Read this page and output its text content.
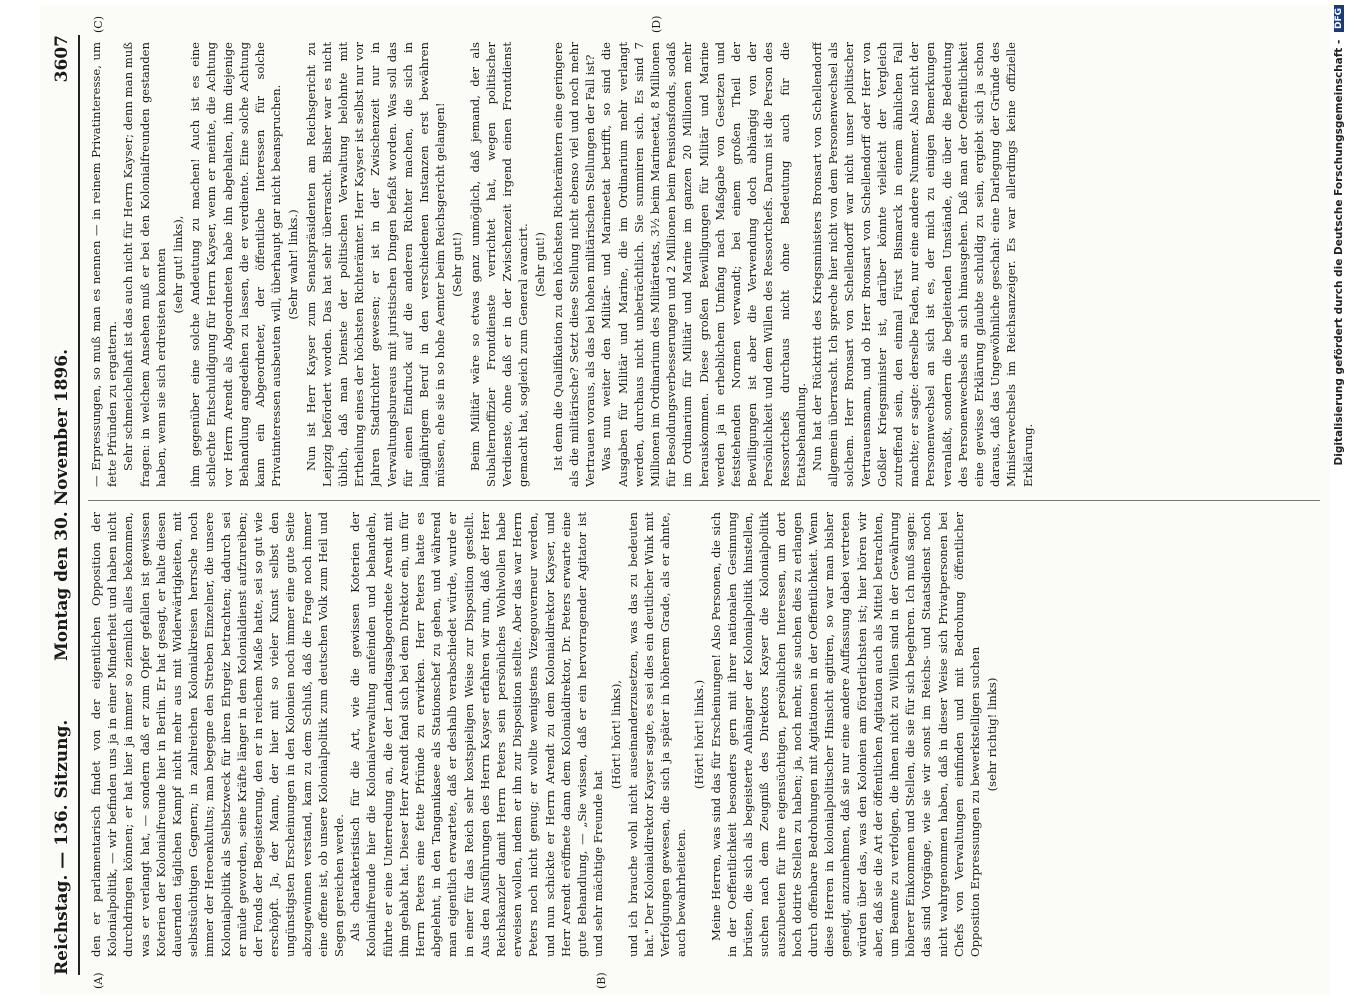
Reichstag. — 136. Sitzung.
Montag den 30. November 1896.
3607
(A)	(B)
(C)	(D)

den er parlamentarisch findet von der eigentlichen Opposition der Kolonialpolitik, — wir befinden uns ja in einer Minderheit und haben nicht durchdringen können; er hat hier ja immer so ziemlich alles bekommen, was er verlangt hat, — sondern daß er zum Opfer gefallen ist gewissen Koterien der Kolonialfreunde hier in Berlin. Er hat gesagt, er halte diesen dauernden täglichen Kampf nicht mehr aus mit Widerwärtigkeiten, mit selbstsüchtigen Gegnern; in zahlreichen Kolonialkreisen herrsche noch immer der Heroenkultus; man begegne den Streben Einzelner, die unsere Kolonialpolitik als Selbstzweck für ihren Ehrgeiz betrachten; dadurch sei er müde geworden, seine Kräfte länger in dem Kolonialdienst aufzureiben; der Fonds der Begeisterung, den er in reichem Maße hatte, sei so gut wie erschöpft. Ja, der Mann, der hier mit so vieler Kunst selbst den ungünstigsten Erscheinungen in den Kolonien noch immer eine gute Seite abzugewinnen verstand, kam zu dem Schluß, daß die Frage noch immer eine offene ist, ob unsere Kolonialpolitik zum deutschen Volk zum Heil und Segen gereichen werde. Als charakteristisch für die Art, wie die gewissen Koterien der Kolonialfreunde hier die Kolonialverwaltung anfeinden und behandeln, führte er eine Unterredung an, die der Landtagsabgeordnete Arendt mit ihm gehabt hat. Dieser Herr Arendt fand sich bei dem Direktor ein, um für Herrn Peters eine fette Pfründe zu erwirken. Herr Peters hatte es abgelehnt, in den Tanganikasee als Stationschef zu gehen, und während man eigentlich erwartete, daß er deshalb verabschiedet würde, wurde er in einer für das Reich sehr kostspieligen Weise zur Disposition gestellt. Aus den Ausführungen des Herrn Kayser erfahren wir nun, daß der Herr Reichskanzler damit Herrn Peters sein persönliches Wohlwollen habe erweisen wollen, indem er ihn zur Disposition stellte. Aber das war Herrn Peters noch nicht genug; er wollte wenigstens Vizegouverneur werden, und nun schickte er Herrn Arendt zu dem Kolonialdirektor Kayser, und Herr Arendt eröffnete dann dem Kolonialdirektor, Dr. Peters erwarte eine gute Behandlung, — „Sie wissen, daß er ein hervorragender Agitator ist und sehr mächtige Freunde hat

(Hört! hört! links), und ich brauche wohl nicht auseinanderzusetzen, was das zu bedeuten hat." Der Kolonialdirektor Kayser sagte, es sei dies ein deutlicher Wink mit Verfolgungen gewesen, die sich ja später in höherem Grade, als er ahnte, auch bewahrheiteten.

(Hört! hört! links.) Meine Herren, was sind das für Erscheinungen! Also Personen, die sich in der Oeffentlichkeit besonders gern mit ihrer nationalen Gesinnung brüsten, die sich als begeisterte Anhänger der Kolonialpolitik hinstellen, suchen nach dem Zeugniß des Direktors Kayser die Kolonialpolitik auszubeuten für ihre eigensüchtigen, persönlichen Interessen, um dort hoch dotirte Stellen zu haben; ja, noch mehr, sie suchen dies zu erlangen durch offenbare Bedrohungen mit Agitationen in der Oeffentlichkeit. Wenn diese Herren in kolonialpolitischer Hinsicht agitiren, so war man bisher geneigt, anzunehmen, daß sie nur eine andere Auffassung dabei vertreten würden über das, was den Kolonien am förderlichsten ist; hier hören wir aber, daß sie die Art der öffentlichen Agitation auch als Mittel betrachten, um Beamte zu verfolgen, die ihnen nicht zu Willen sind in der Gewährung höherer Einkommen und Stellen, die sie für sich begehren. Ich muß sagen: das sind Vorgänge, wie sie wir sonst im Reichs- und Staatsdienst noch nicht wahrgenommen haben, daß in dieser Weise sich Privatpersonen bei Chefs von Verwaltungen einfinden und mit Bedrohung öffentlicher Opposition Erpressungen zu bewerkstelligen suchen (sehr richtig! links)

— Erpressungen, so muß man es nennen — in reinem Privatinteresse, um fette Pfründen zu ergattern. Sehr schmeichelhaft ist das auch nicht für Herrn Kayser; denn man muß fragen: in welchem Ansehen muß er bei den Kolonialfreunden gestanden haben, wenn sie sich erdreisten konnten (sehr gut! links), ihm gegenüber eine solche Andeutung zu machen! Auch ist es eine schlechte Entschuldigung für Herrn Kayser, wenn er meinte, die Achtung vor Herrn Arendt als Abgeordneten habe ihn abgehalten, ihm diejenige Behandlung angedeihen zu lassen, die er verdiente. Eine solche Achtung kann ein Abgeordneter, der öffentliche Interessen für solche Privatinteressen ausbeuten will, überhaupt gar nicht beanspruchen. (Sehr wahr! links.) Nun ist Herr Kayser zum Senatspräsidenten am Reichsgericht zu Leipzig befördert worden. Das hat sehr überrascht. Bisher war es nicht üblich, daß man Dienste der politischen Verwaltung belohnte mit Ertheilung eines der höchsten Richterämter. Herr Kayser ist selbst nur vor Jahren Stadtrichter gewesen; er ist in der Zwischenzeit nur in Verwaltungsbureaus mit juristischen Dingen befaßt worden. Was soll das für einen Eindruck auf die anderen Richter machen, die sich in langjährigem Beruf in den verschiedenen Instanzen erst bewähren müssen, ehe sie in so hohe Aemter beim Reichsgericht gelangen! (Sehr gut!) Beim Militär wäre so etwas ganz unmöglich, daß jemand, der als Subalternoffizier Frontdienste verrichtet hat, wegen politischer Verdienste, ohne daß er in der Zwischenzeit irgend einen Frontdienst gemacht hat, sogleich zum General avancirt. (Sehr gut!) Ist denn die Qualifikation zu den höchsten Richterämtern eine geringere als die militärische? Setzt diese Stellung nicht ebenso viel und noch mehr Vertrauen voraus, als das bei hohen militärischen Stellungen der Fall ist? Was nun weiter den Militär- und Marineetat betrifft, so sind die Ausgaben für Militär und Marine, die im Ordinarium mehr verlangt werden, durchaus nicht unbeträchtlich. Sie summiren sich. Es sind 7 Millionen im Ordinarium des Militäretats, 3½ beim Marineetat, 8 Millionen für Besoldungsverbesserungen und 2 Millionen beim Pensionsfonds, sodaß im Ordinarium für Militär und Marine im ganzen 20 Millionen mehr herauskommen. Diese großen Bewilligungen für Militär und Marine werden ja in erheblichem Umfang nach Maßgabe von Gesetzen und feststehenden Normen verwandt; bei einem großen Theil der Bewilligungen ist aber die Verwendung doch abhängig von der Persönlichkeit und dem Willen des Ressortchefs. Darum ist die Person des Ressortchefs durchaus nicht ohne Bedeutung auch für die Etatsbehandlung. Nun hat der Rücktritt des Kriegsministers Bronsart von Schellendorff allgemein überrascht. Ich spreche hier nicht von dem Personenwechsel als solchem. Herr Bronsart von Schellendorff war nicht unser politischer Vertrauensmann, und ob Herr Bronsart von Schellendorff oder Herr von Goßler Kriegsminister ist, darüber könnte vielleicht der Vergleich zutreffend sein, den einmal Fürst Bismarck in einem ähnlichen Fall machte; er sagte: derselbe Faden, nur eine andere Nummer. Also nicht der Personenwechsel an sich ist es, der mich zu einigen Bemerkungen veranlaßt, sondern die begleitenden Umstände, die über die Bedeutung des Personenwechsels an sich hinausgehen. Daß man der Oeffentlichkeit eine gewisse Erklärung glaubte schuldig zu sein, ergiebt sich ja schon daraus, daß das Ungewöhnliche geschah: eine Darlegung der Gründe des Ministerwechsels im Reichsanzeiger. Es war allerdings keine offizielle Erklärung.	Digitalisierung gefördert durch die Deutsche Forschungsgemeinschaft - DFG
